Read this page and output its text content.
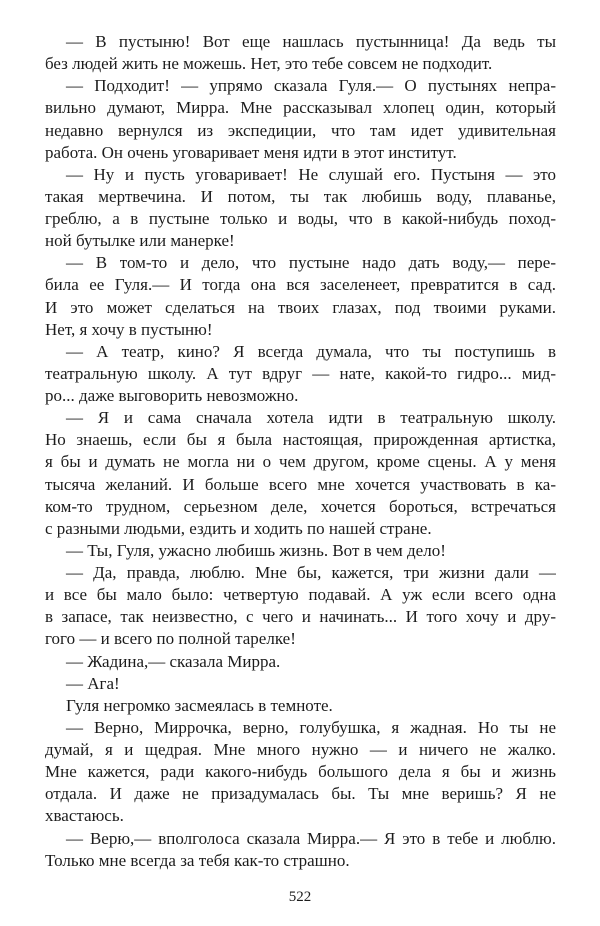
— В пустыню! Вот еще нашлась пустынница! Да ведь ты
без людей жить не можешь. Нет, это тебе совсем не подходит.
— Подходит! — упрямо сказала Гуля.— О пустынях непра-
вильно думают, Мирра. Мне рассказывал хлопец один, который
недавно вернулся из экспедиции, что там идет удивительная
работа. Он очень уговаривает меня идти в этот институт.
— Ну и пусть уговаривает! Не слушай его. Пустыня — это
такая мертвечина. И потом, ты так любишь воду, плаванье,
греблю, а в пустыне только и воды, что в какой-нибудь поход-
ной бутылке или манерке!
— В том-то и дело, что пустыне надо дать воду,— пере-
била ее Гуля.— И тогда она вся заселенеет, превратится в сад.
И это может сделаться на твоих глазах, под твоими руками.
Нет, я хочу в пустыню!
— А театр, кино? Я всегда думала, что ты поступишь в
театральную школу. А тут вдруг — нате, какой-то гидро... мид-
ро... даже выговорить невозможно.
— Я и сама сначала хотела идти в театральную школу.
Но знаешь, если бы я была настоящая, прирожденная артистка,
я бы и думать не могла ни о чем другом, кроме сцены. А у меня
тысяча желаний. И больше всего мне хочется участвовать в ка-
ком-то трудном, серьезном деле, хочется бороться, встречаться
с разными людьми, ездить и ходить по нашей стране.
— Ты, Гуля, ужасно любишь жизнь. Вот в чем дело!
— Да, правда, люблю. Мне бы, кажется, три жизни дали —
и все бы мало было: четвертую подавай. А уж если всего одна
в запасе, так неизвестно, с чего и начинать... И того хочу и дру-
гого — и всего по полной тарелке!
— Жадина,— сказала Мирра.
— Ага!
Гуля негромко засмеялась в темноте.
— Верно, Миррочка, верно, голубушка, я жадная. Но ты не
думай, я и щедрая. Мне много нужно — и ничего не жалко.
Мне кажется, ради какого-нибудь большого дела я бы и жизнь
отдала. И даже не призадумалась бы. Ты мне веришь? Я не
хвастаюсь.
— Верю,— вполголоса сказала Мирра.— Я это в тебе и люблю.
Только мне всегда за тебя как-то страшно.
522
